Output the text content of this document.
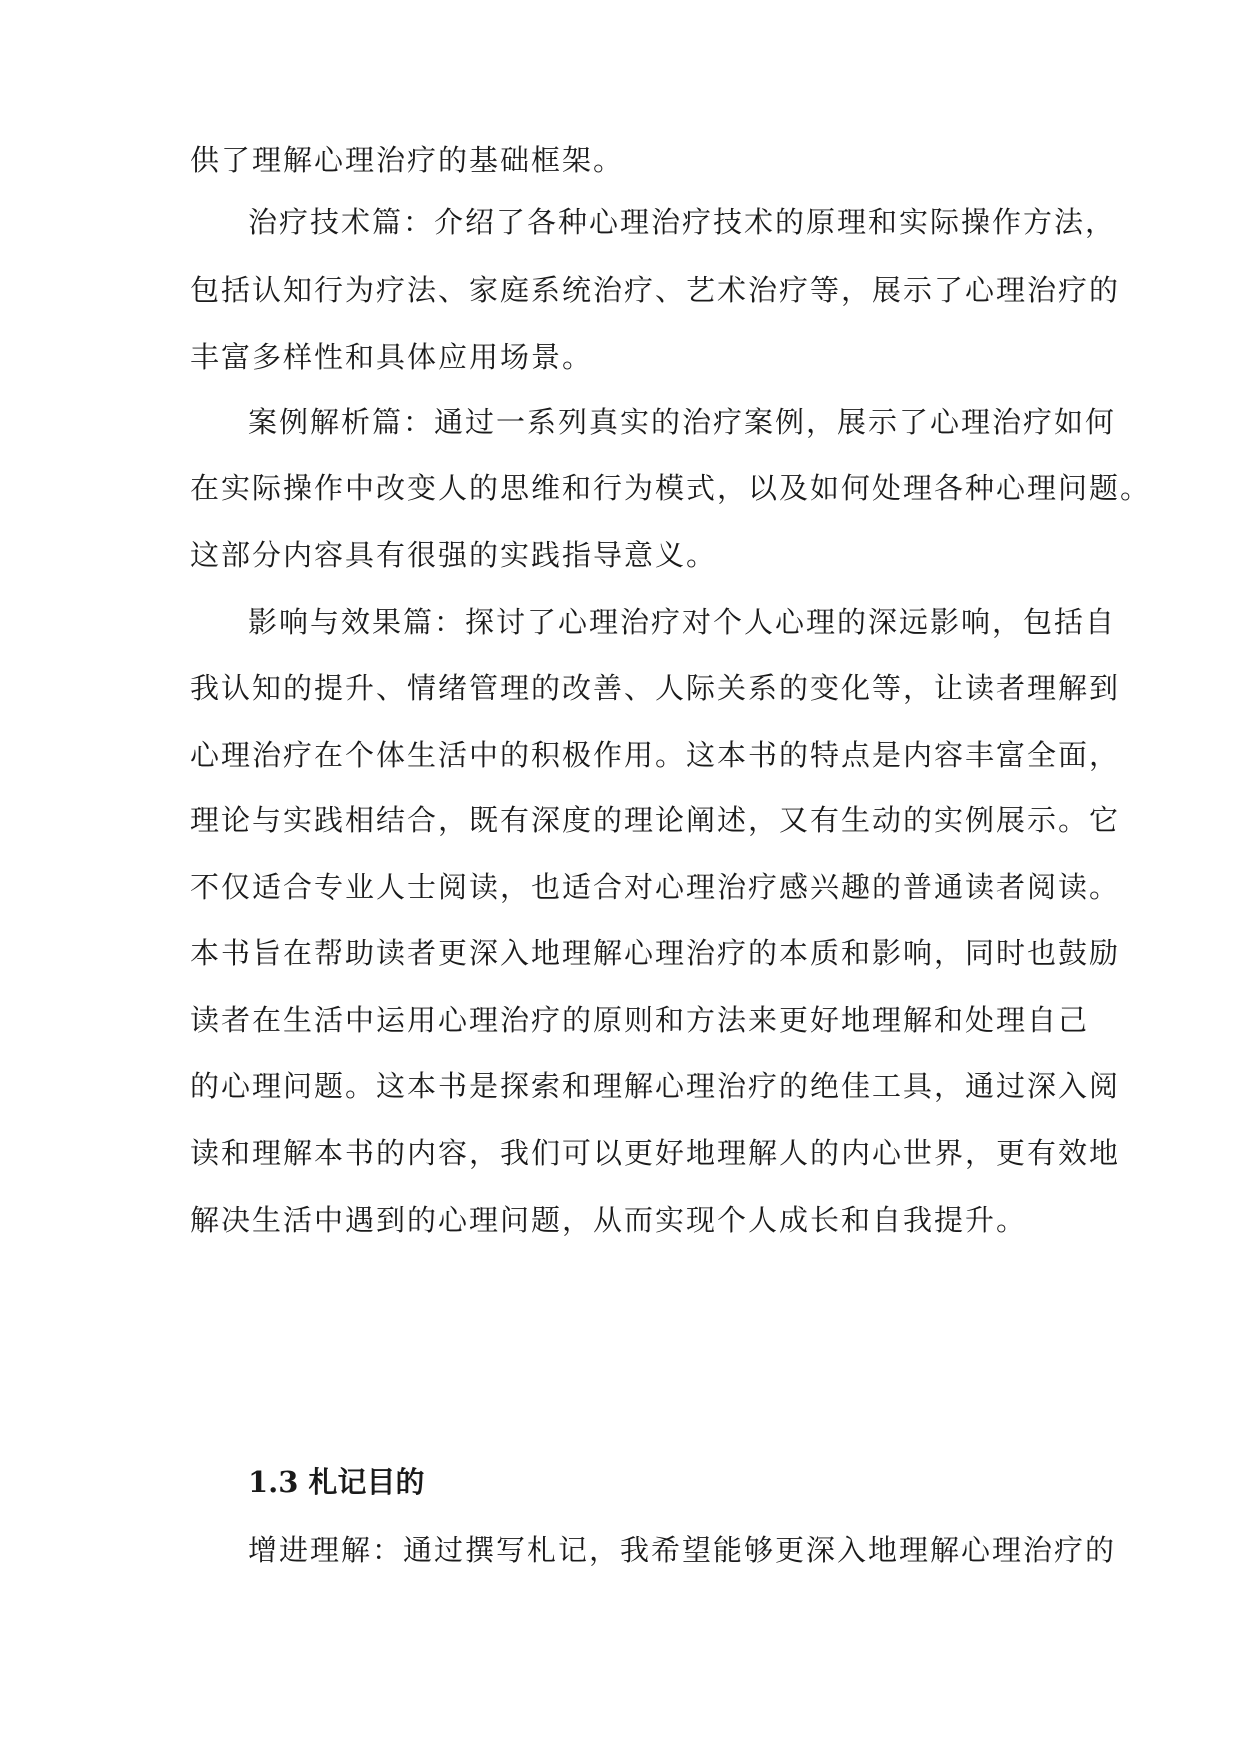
供了理解心理治疗的基础框架。

治疗技术篇：介绍了各种心理治疗技术的原理和实际操作方法，

包括认知行为疗法、家庭系统治疗、艺术治疗等，展示了心理治疗的

丰富多样性和具体应用场景。

案例解析篇：通过一系列真实的治疗案例，展示了心理治疗如何

在实际操作中改变人的思维和行为模式，以及如何处理各种心理问题。

这部分内容具有很强的实践指导意义。

影响与效果篇：探讨了心理治疗对个人心理的深远影响，包括自

我认知的提升、情绪管理的改善、人际关系的变化等，让读者理解到

心理治疗在个体生活中的积极作用。这本书的特点是内容丰富全面，

理论与实践相结合，既有深度的理论阐述，又有生动的实例展示。它

不仅适合专业人士阅读，也适合对心理治疗感兴趣的普通读者阅读。

本书旨在帮助读者更深入地理解心理治疗的本质和影响，同时也鼓励

读者在生活中运用心理治疗的原则和方法来更好地理解和处理自己

的心理问题。这本书是探索和理解心理治疗的绝佳工具，通过深入阅

读和理解本书的内容，我们可以更好地理解人的内心世界，更有效地

解决生活中遇到的心理问题，从而实现个人成长和自我提升。

1.3 札记目的

增进理解：通过撰写札记，我希望能够更深入地理解心理治疗的
